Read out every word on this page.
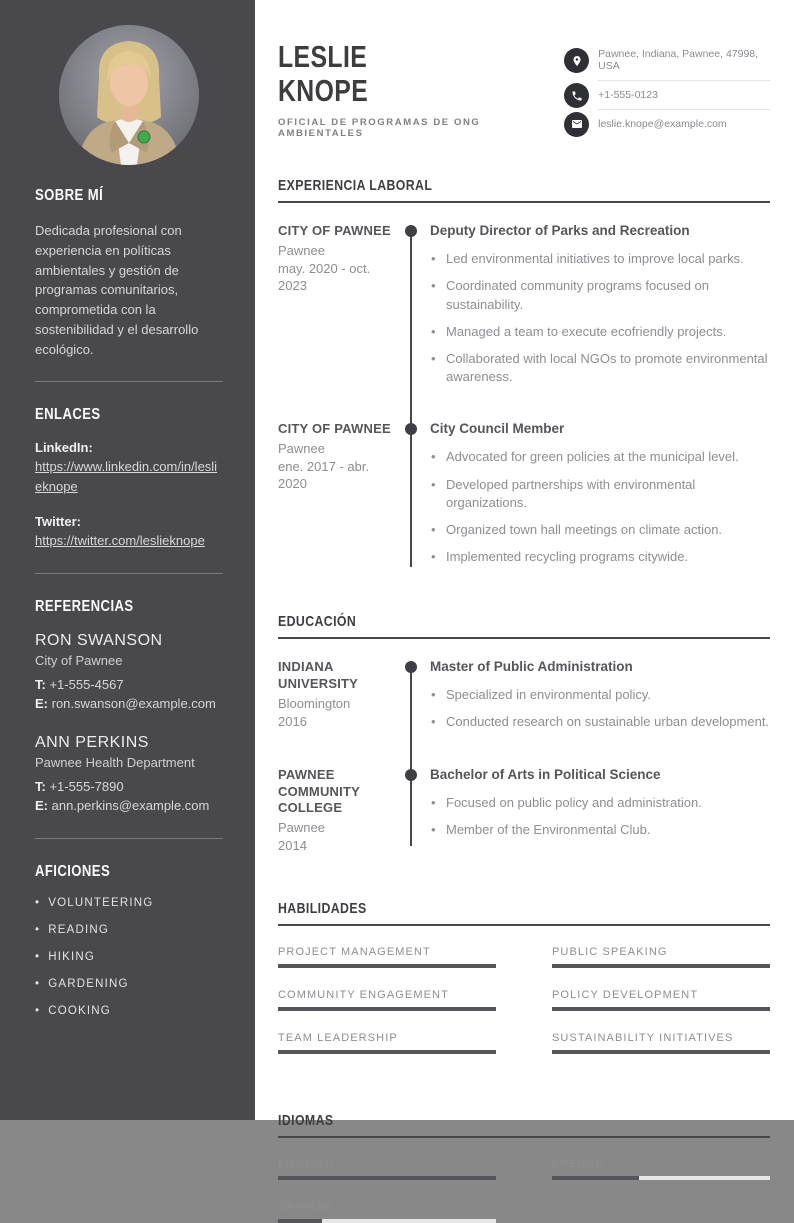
SOBRE MÍ

Dedicada profesional con experiencia en políticas ambientales y gestión de programas comunitarios, comprometida con la sostenibilidad y el desarrollo ecológico.

ENLACES
LinkedIn:
https://www.linkedin.com/in/leslieknope
Twitter:
https://twitter.com/leslieknope
REFERENCIAS
RON SWANSON
City of Pawnee
T: +1-555-4567
E: ron.swanson@example.com
ANN PERKINS
Pawnee Health Department
T: +1-555-7890
E: ann.perkins@example.com
AFICIONES
• VOLUNTEERING
• READING
• HIKING
• GARDENING
• COOKING
LESLIE
KNOPE
OFICIAL DE PROGRAMAS DE ONG AMBIENTALES
Pawnee, Indiana, Pawnee, 47998, USA
+1-555-0123
leslie.knope@example.com
EXPERIENCIA LABORAL
CITY OF PAWNEE
Pawnee
may. 2020 - oct. 2023
Deputy Director of Parks and Recreation
• Led environmental initiatives to improve local parks.
• Coordinated community programs focused on sustainability.
• Managed a team to execute ecofriendly projects.
• Collaborated with local NGOs to promote environmental awareness.
CITY OF PAWNEE
Pawnee
ene. 2017 - abr. 2020
City Council Member
• Advocated for green policies at the municipal level.
• Developed partnerships with environmental organizations.
• Organized town hall meetings on climate action.
• Implemented recycling programs citywide.
EDUCACIÓN
INDIANA UNIVERSITY
Bloomington
2016
Master of Public Administration
• Specialized in environmental policy.
• Conducted research on sustainable urban development.
PAWNEE COMMUNITY COLLEGE
Pawnee
2014
Bachelor of Arts in Political Science
• Focused on public policy and administration.
• Member of the Environmental Club.
HABILIDADES
PROJECT MANAGEMENT	PUBLIC SPEAKING
COMMUNITY ENGAGEMENT	POLICY DEVELOPMENT
TEAM LEADERSHIP	SUSTAINABILITY INITIATIVES
IDIOMAS
ENGLISH	FRENCH
SPANISH
